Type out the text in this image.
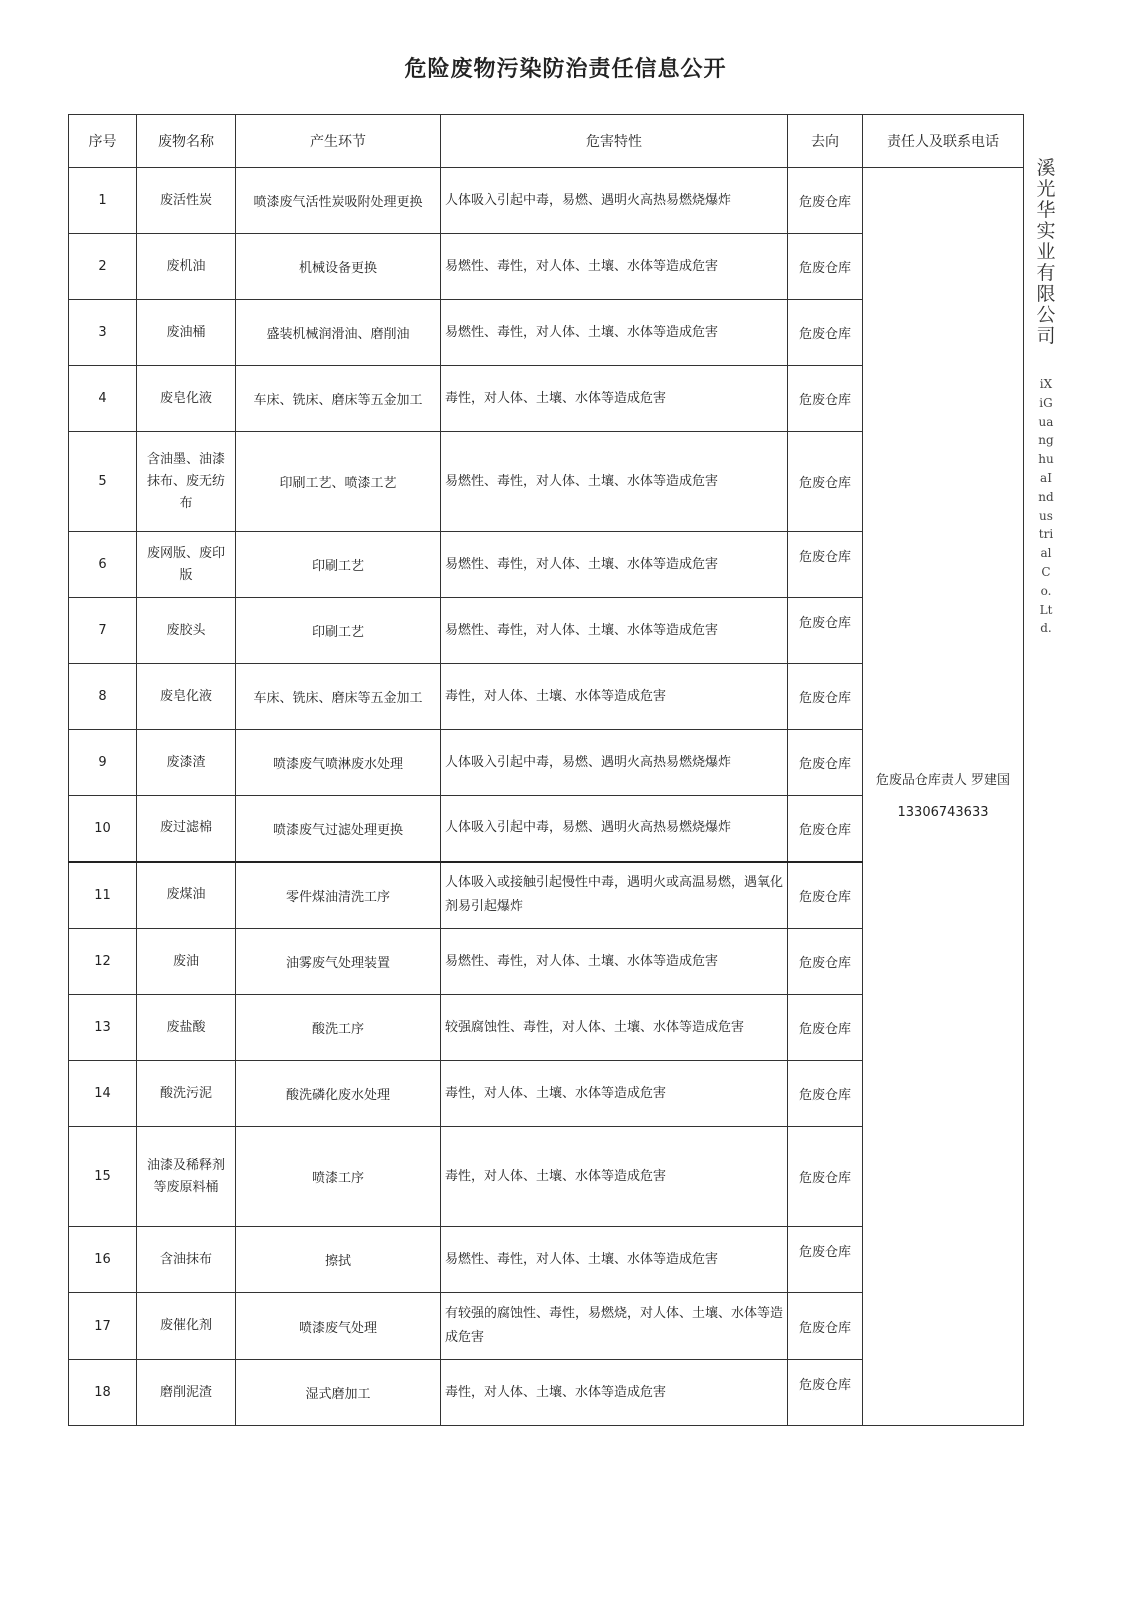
危险废物污染防治责任信息公开
序号	废物名称	产生环节	危害特性	去向	责任人及联系电话
1	废活性炭	喷漆废气活性炭吸附处理更换	人体吸入引起中毒，易燃、遇明火高热易燃烧爆炸	危废仓库	危废品仓库责人 罗建国
13306743633

2	废机油	机械设备更换	易燃性、毒性，对人体、土壤、水体等造成危害	危废仓库	
3	废油桶	盛装机械润滑油、磨削油	易燃性、毒性，对人体、土壤、水体等造成危害	危废仓库	
4	废皂化液	车床、铣床、磨床等五金加工	毒性，对人体、土壤、水体等造成危害	危废仓库	
5	含油墨、油漆抹布、废无纺布	印刷工艺、喷漆工艺	易燃性、毒性，对人体、土壤、水体等造成危害	危废仓库	
6	废网版、废印版	印刷工艺	易燃性、毒性，对人体、土壤、水体等造成危害	危废仓库	
7	废胶头	印刷工艺	易燃性、毒性，对人体、土壤、水体等造成危害	危废仓库	
8	废皂化液	车床、铣床、磨床等五金加工	毒性，对人体、土壤、水体等造成危害	危废仓库	
9	废漆渣	喷漆废气喷淋废水处理	人体吸入引起中毒，易燃、遇明火高热易燃烧爆炸	危废仓库	
10	废过滤棉	喷漆废气过滤处理更换	人体吸入引起中毒，易燃、遇明火高热易燃烧爆炸	危废仓库	
11	废煤油	零件煤油清洗工序	人体吸入或接触引起慢性中毒，遇明火或高温易燃，遇氧化剂易引起爆炸	危废仓库	
12	废油	油雾废气处理装置	易燃性、毒性，对人体、土壤、水体等造成危害	危废仓库	
13	废盐酸	酸洗工序	较强腐蚀性、毒性，对人体、土壤、水体等造成危害	危废仓库	
14	酸洗污泥	酸洗磷化废水处理	毒性，对人体、土壤、水体等造成危害	危废仓库	
15	油漆及稀释剂等废原料桶	喷漆工序	毒性，对人体、土壤、水体等造成危害	危废仓库	
16	含油抹布	擦拭	易燃性、毒性，对人体、土壤、水体等造成危害	危废仓库	
17	废催化剂	喷漆废气处理	有较强的腐蚀性、毒性，易燃烧，对人体、土壤、水体等造成危害	危废仓库	
18	磨削泥渣	湿式磨加工	毒性，对人体、土壤、水体等造成危害	危废仓库	
溪光华实业有限公司
iXiGuanghuaIndustrialCo.Ltd.
